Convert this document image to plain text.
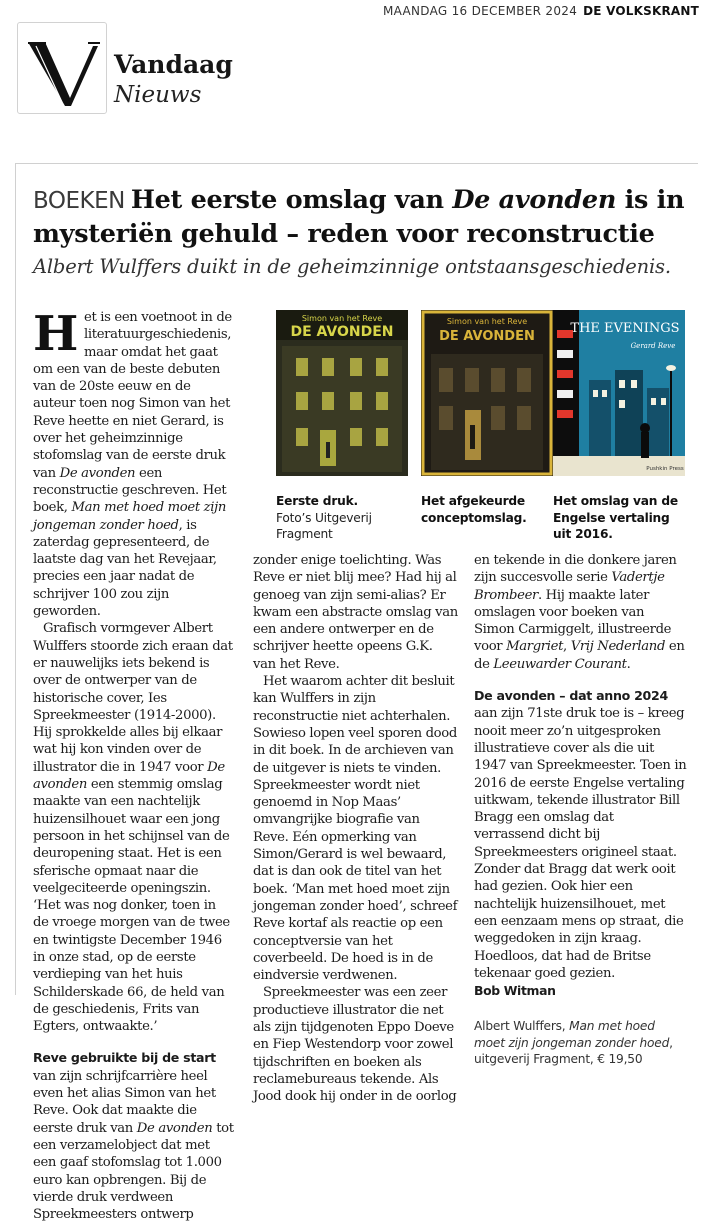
MAANDAG 16 DECEMBER 2024 DE VOLKSKRANT
Vandaag
Nieuws
BOEKEN Het eerste omslag van De avonden is in mysteriën gehuld – reden voor reconstructie
Albert Wulffers duikt in de geheimzinnige ontstaansgeschiedenis.

Het is een voetnoot in de literatuurgeschiedenis, maar omdat het gaat om een van de beste debuten van de 20ste eeuw en de auteur toen nog Simon van het Reve heette en niet Gerard, is over het geheimzinnige stofomslag van de eerste druk van De avonden een reconstructie geschreven. Het boek, Man met hoed moet zijn jongeman zonder hoed, is zaterdag gepresenteerd, de laatste dag van het Revejaar, precies een jaar nadat de schrijver 100 zou zijn geworden.

Grafisch vormgever Albert Wulffers stoorde zich eraan dat er nauwelijks iets bekend is over de ontwerper van de historische cover, Ies Spreekmeester (1914-2000). Hij sprokkelde alles bij elkaar wat hij kon vinden over de illustrator die in 1947 voor De avonden een stemmig omslag maakte van een nachtelijk huizensilhouet waar een jong persoon in het schijnsel van de deuropening staat. Het is een sferische opmaat naar die veelgeciteerde openingszin. ‘Het was nog donker, toen in de vroege morgen van de twee en twintigste December 1946 in onze stad, op de eerste verdieping van het huis Schilderskade 66, de held van de geschiedenis, Frits van Egters, ontwaakte.’

Reve gebruikte bij de start van zijn schrijfcarrière heel even het alias Simon van het Reve. Ook dat maakte die eerste druk van De avonden tot een verzamelobject dat met een gaaf stofomslag tot 1.000 euro kan opbrengen. Bij de vierde druk verdween Spreekmeesters ontwerp

Simon van het Reve
DE AVONDEN
Eerste druk.
Foto’s Uitgeverij Fragment
Simon van het Reve
DE AVONDEN
Het afgekeurde conceptomslag.
THE EVENINGS
Gerard Reve
Pushkin Press
Het omslag van de Engelse vertaling uit 2016.

zonder enige toelichting. Was Reve er niet blij mee? Had hij al genoeg van zijn semi-alias? Er kwam een abstracte omslag van een andere ontwerper en de schrijver heette opeens G.K. van het Reve.

Het waarom achter dit besluit kan Wulffers in zijn reconstructie niet achterhalen. Sowieso lopen veel sporen dood in dit boek. In de archieven van de uitgever is niets te vinden. Spreekmeester wordt niet genoemd in Nop Maas’ omvangrijke biografie van Reve. Eén opmerking van Simon/Gerard is wel bewaard, dat is dan ook de titel van het boek. ‘Man met hoed moet zijn jongeman zonder hoed’, schreef Reve kortaf als reactie op een conceptversie van het coverbeeld. De hoed is in de eindversie verdwenen.

Spreekmeester was een zeer productieve illustrator die net als zijn tijdgenoten Eppo Doeve en Fiep Westendorp voor zowel tijdschriften en boeken als reclamebureaus tekende. Als Jood dook hij onder in de oorlog

en tekende in die donkere jaren zijn succesvolle serie Vadertje Brombeer. Hij maakte later omslagen voor boeken van Simon Carmiggelt, illustreerde voor Margriet, Vrij Nederland en de Leeuwarder Courant.

De avonden – dat anno 2024 aan zijn 71ste druk toe is – kreeg nooit meer zo’n uitgesproken illustratieve cover als die uit 1947 van Spreekmeester. Toen in 2016 de eerste Engelse vertaling uitkwam, tekende illustrator Bill Bragg een omslag dat verrassend dicht bij Spreekmeesters origineel staat. Zonder dat Bragg dat werk ooit had gezien. Ook hier een nachtelijk huizensilhouet, met een eenzaam mens op straat, die weggedoken in zijn kraag. Hoedloos, dat had de Britse tekenaar goed gezien.

Bob Witman

Albert Wulffers, Man met hoed moet zijn jongeman zonder hoed, uitgeverij Fragment, € 19,50
